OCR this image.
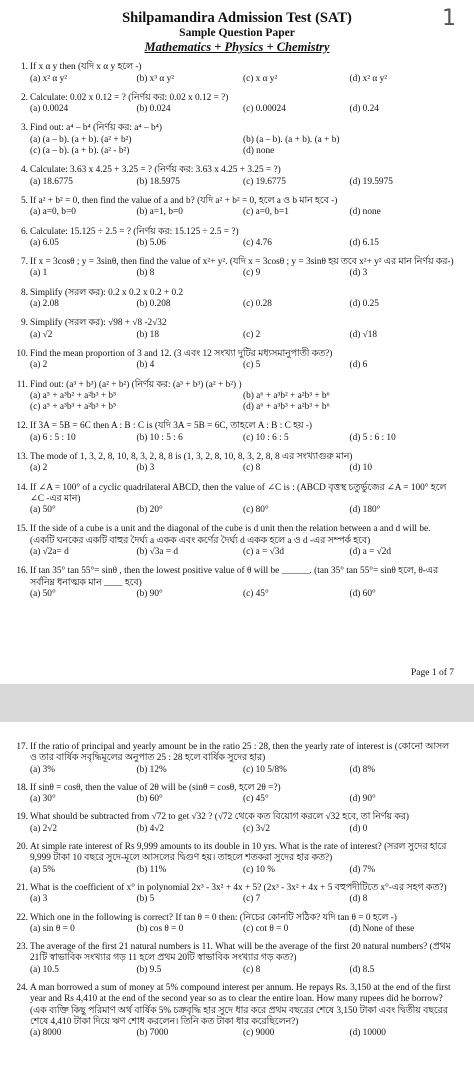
1
Shilpamandira Admission Test (SAT)
Sample Question Paper
Mathematics + Physics + Chemistry
1. If x α y then (যদি x α y হলে -)
(a) x² α y²	(b) x³ α y²	(c) x α y²	(d) x² α y²
2. Calculate: 0.02 x 0.12 = ? (নির্ণয় কর: 0.02 x 0.12 = ?)
(a) 0.0024	(b) 0.024	(c) 0.00024	(d) 0.24
3. Find out: a⁴ – b⁴ (নির্ণয় কর: a⁴ – b⁴)
(a) (a – b). (a + b). (a² + b²)	(b) (a – b). (a + b). (a + b)
(c) (a – b). (a + b). (a² - b²)	(d) none
4. Calculate: 3.63 x 4.25 + 3.25 = ? (নির্ণয় কর: 3.63 x 4.25 + 3.25 = ?)
(a) 18.6775	(b) 18.5975	(c) 19.6775	(d) 19.5975
5. If a² + b² = 0, then find the value of a and b? (যদি a² + b² = 0, হলে a ও b মান হবে -)
(a) a=0, b=0	(b) a=1, b=0	(c) a=0, b=1	(d) none
6. Calculate: 15.125 ÷ 2.5 = ? (নির্ণয় কর: 15.125 ÷ 2.5 = ?)
(a) 6.05	(b) 5.06	(c) 4.76	(d) 6.15
7. If x = 3cosθ ; y = 3sinθ, then find the value of x²+ y². (যদি x = 3cosθ ; y = 3sinθ হয় তবে x²+ y² এর মান নির্ণয় কর-)
(a) 1	(b) 8	(c) 9	(d) 3
8. Simplify (সরল কর): 0.2 x 0.2 x 0.2 + 0.2
(a) 2.08	(b) 0.208	(c) 0.28	(d) 0.25
9. Simplify (সরল কর): √98 + √8 -2√32
(a) √2	(b) 18	(c) 2	(d) √18
10. Find the mean proportion of 3 and 12. (3 এবং 12 সংখ্যা দুটির মধ্যসমানুপাতী কত?)
(a) 2	(b) 4	(c) 5	(d) 6
11. Find out: (a³ + b³) (a² + b²) (নির্ণয় কর: (a³ + b³) (a² + b²) )
(a) a⁵ + a³b² + a²b³ + b⁵	(b) a⁶ + a³b² + a²b³ + b⁶
(c) a⁵ + a³b³ + a²b³ + b⁵	(d) a⁶ + a³b³ + a²b³ + b⁶
12. If 3A = 5B = 6C then A : B : C is (যদি 3A = 5B = 6C, তাহলে A : B : C হয় -)
(a) 6 : 5 : 10	(b) 10 : 5 : 6	(c) 10 : 6 : 5	(d) 5 : 6 : 10
13. The mode of 1, 3, 2, 8, 10, 8, 3, 2, 8, 8 is (1, 3, 2, 8, 10, 8, 3, 2, 8, 8 এর সংখ্যাগুরু মান)
(a) 2	(b) 3	(c) 8	(d) 10
14. If ∠A = 100° of a cyclic quadrilateral ABCD, then the value of ∠C is : (ABCD বৃত্তস্থ চতুর্ভুজের ∠A = 100° হলে ∠C -এর মান)
(a) 50°	(b) 20°	(c) 80°	(d) 180°
15. If the side of a cube is a unit and the diagonal of the cube is d unit then the relation between a and d will be. (একটি ঘনকের একটি বাহুর দৈর্ঘ্য a একক এবং কর্ণের দৈর্ঘ্য d একক হলে a ও d -এর সম্পর্ক হবে)
(a) √2a= d	(b) √3a = d	(c) a = √3d	(d) a = √2d
16. If tan 35° tan 55°= sinθ , then the lowest positive value of θ will be ______. (tan 35° tan 55°= sinθ হলে, θ-এর সর্বনিম্ন ধনাত্মক মান ____ হবে)
(a) 50°	(b) 90°	(c) 45°	(d) 60°
Page 1 of 7
17. If the ratio of principal and yearly amount be in the ratio 25 : 28, then the yearly rate of interest is (কোনো আসল ও তার বার্ষিক সবৃদ্ধিমূলের অনুপাত 25 : 28 হলে বার্ষিক সুদের হার)
(a) 3%	(b) 12%	(c) 10 5/8%	(d) 8%
18. If sinθ = cosθ, then the value of 2θ will be (sinθ = cosθ, হলে 2θ =?)
(a) 30°	(b) 60°	(c) 45°	(d) 90°
19. What should be subtracted from √72 to get √32 ? (√72 থেকে কত বিয়োগ করলে √32 হবে, তা নির্ণয় কর)
(a) 2√2	(b) 4√2	(c) 3√2	(d) 0
20. At simple rate interest of Rs 9,999 amounts to its double in 10 yrs. What is the rate of interest? (সরল সুদের হারে 9,999 টাকা 10 বছরে সুদে-মূলে আসলের দ্বিগুণ হয়। তাহলে শতকরা সুদের হার কত?)
(a) 5%	(b) 11%	(c) 10 %	(d) 7%
21. What is the coefficient of x° in polynomial 2x³ - 3x² + 4x + 5? (2x³ - 3x² + 4x + 5 বহুপদীটিতে x°-এর সহগ কত?)
(a) 3	(b) 5	(c) 7	(d) 8
22. Which one in the following is correct? If tan θ = 0 then: (নিচের কোনটি সঠিক? যদি tan θ = 0 হলে -)
(a) sin θ = 0	(b) cos θ = 0	(c) cot θ = 0	(d) None of these
23. The average of the first 21 natural numbers is 11. What will be the average of the first 20 natural numbers? (প্রথম 21টি স্বাভাবিক সংখ্যার গড় 11 হলে প্রথম 20টি স্বাভাবিক সংখ্যার গড় কত?)
(a) 10.5	(b) 9.5	(c) 8	(d) 8.5
24. A man borrowed a sum of money at 5% compound interest per annum. He repays Rs. 3,150 at the end of the first year and Rs 4,410 at the end of the second year so as to clear the entire loan. How many rupees did he borrow? (এক ব্যক্তি কিছু পরিমাণ অর্থ বার্ষিক 5% চক্রবৃদ্ধি হার সুদে ধার করে প্রথম বছরের শেষে 3,150 টাকা এবং দ্বিতীয় বছরের শেষে 4,410 টাকা দিয়ে ঋণ শোধ করলেন। তিনি কত টাকা ধার করেছিলেন?)
(a) 8000	(b) 7000	(c) 9000	(d) 10000
